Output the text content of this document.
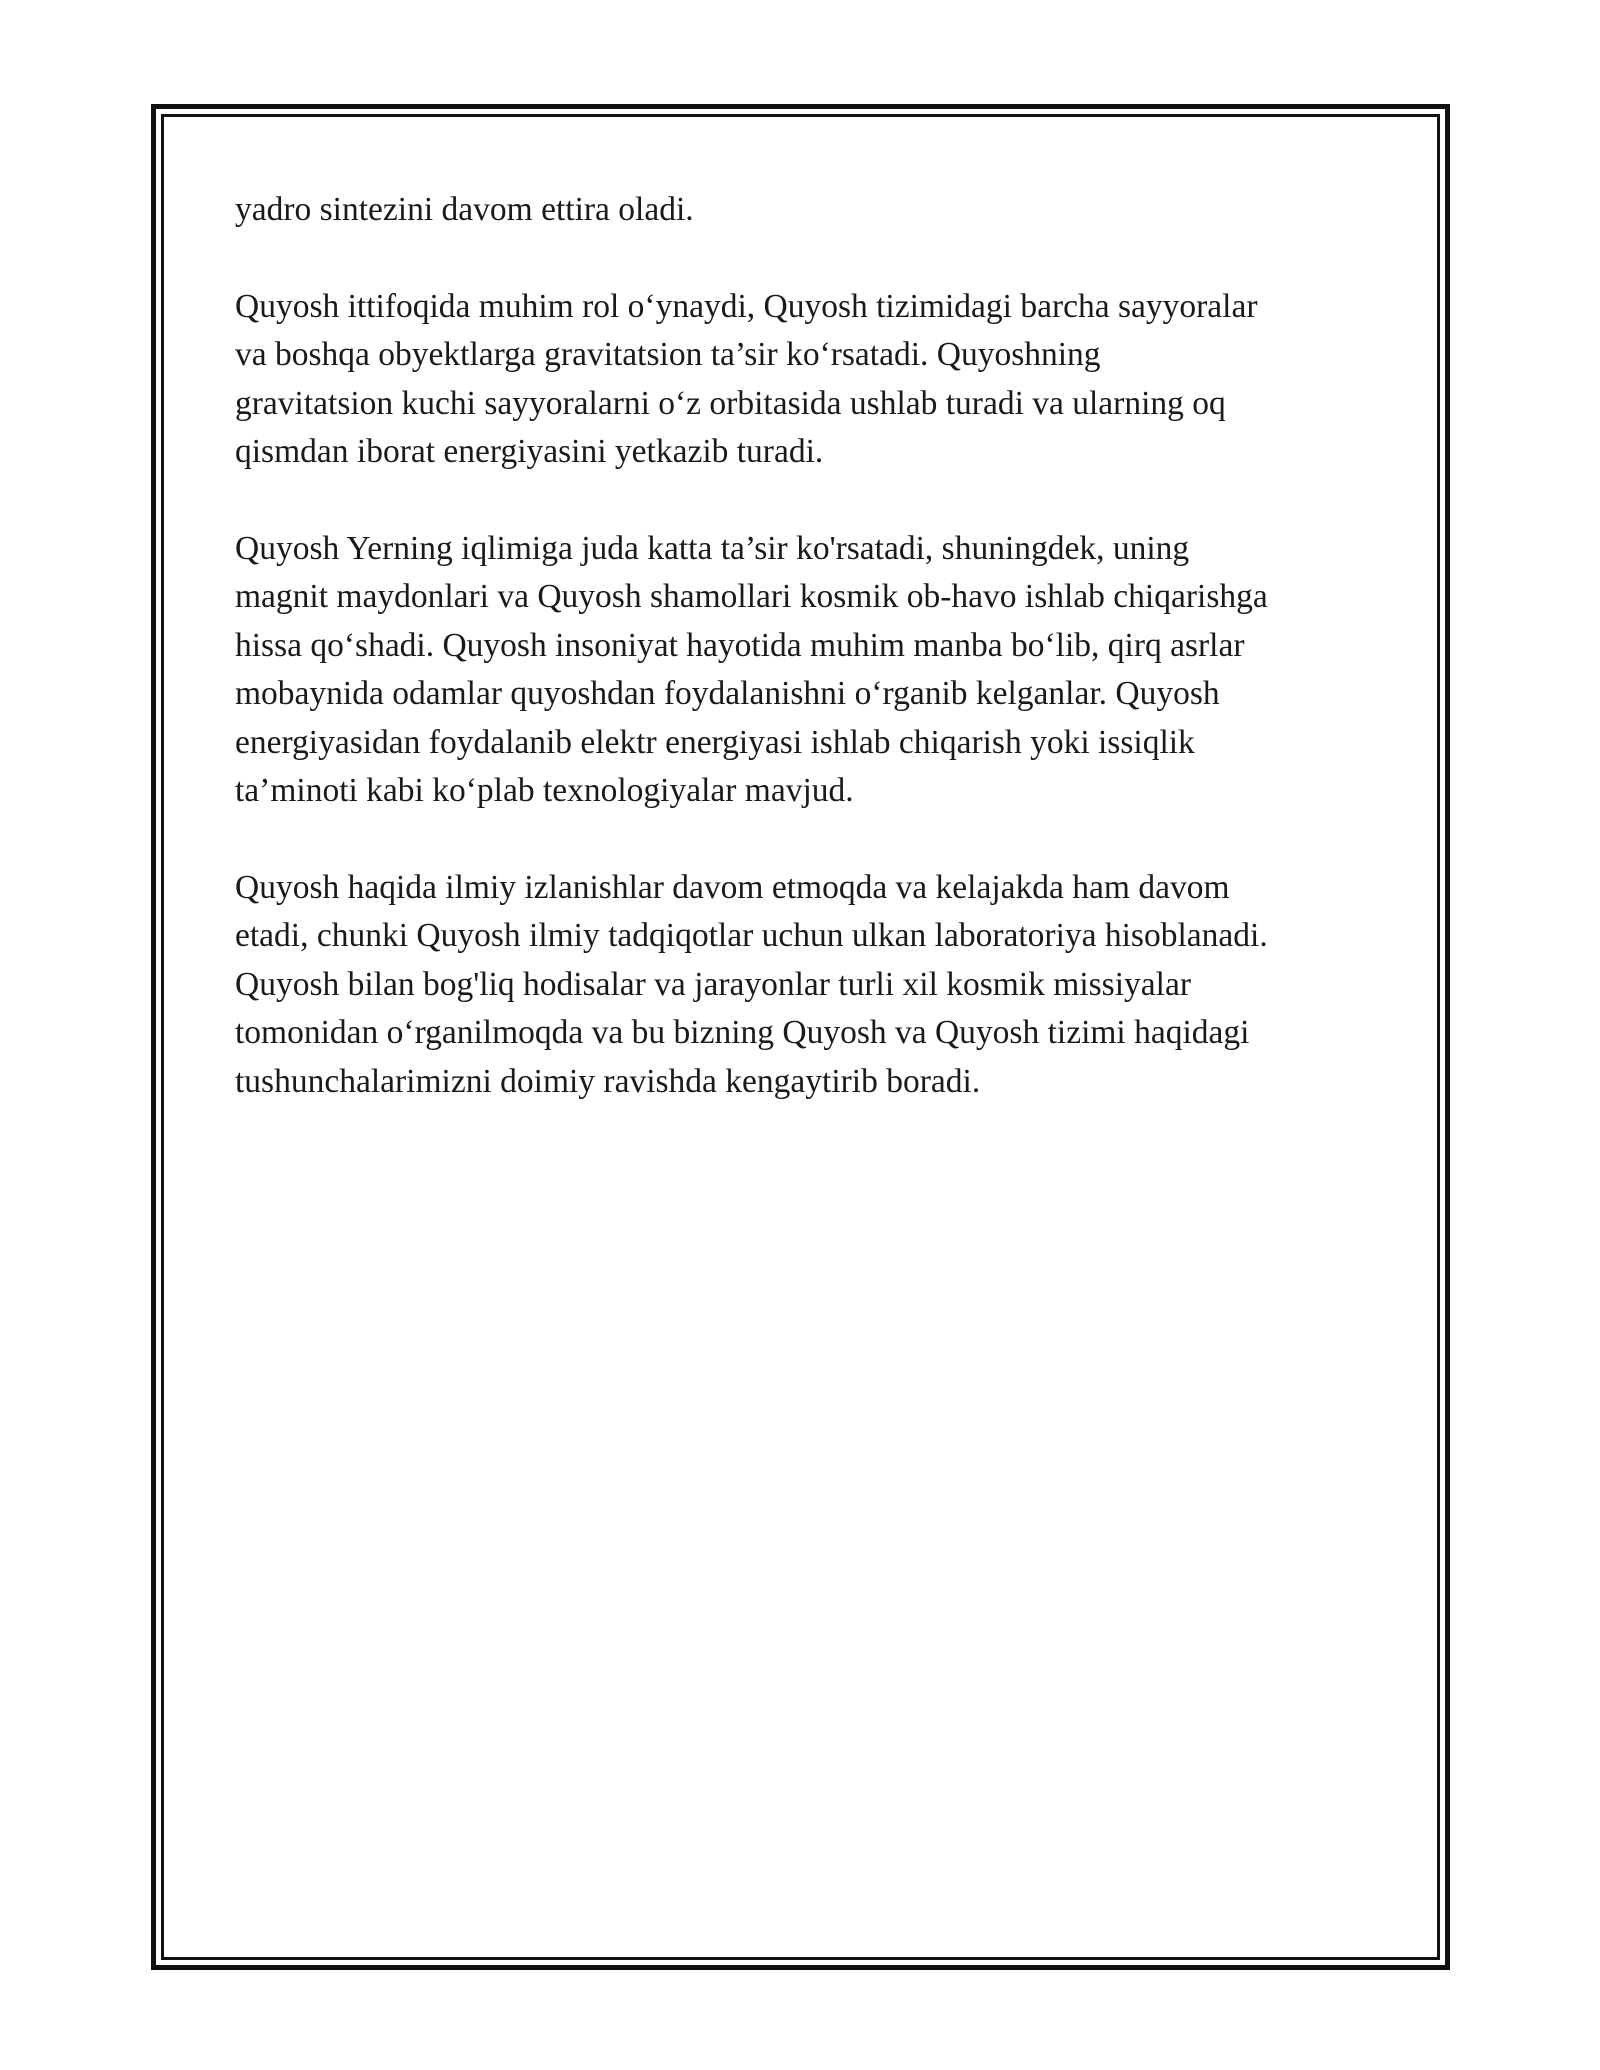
yadro sintezini davom ettira oladi.

Quyosh ittifoqida muhim rol o‘ynaydi, Quyosh tizimidagi barcha sayyoralar
va boshqa obyektlarga gravitatsion ta’sir ko‘rsatadi. Quyoshning
gravitatsion kuchi sayyoralarni o‘z orbitasida ushlab turadi va ularning oq
qismdan iborat energiyasini yetkazib turadi.

Quyosh Yerning iqlimiga juda katta ta’sir ko'rsatadi, shuningdek, uning
magnit maydonlari va Quyosh shamollari kosmik ob-havo ishlab chiqarishga
hissa qo‘shadi. Quyosh insoniyat hayotida muhim manba bo‘lib, qirq asrlar
mobaynida odamlar quyoshdan foydalanishni o‘rganib kelganlar. Quyosh
energiyasidan foydalanib elektr energiyasi ishlab chiqarish yoki issiqlik
ta’minoti kabi ko‘plab texnologiyalar mavjud.

Quyosh haqida ilmiy izlanishlar davom etmoqda va kelajakda ham davom
etadi, chunki Quyosh ilmiy tadqiqotlar uchun ulkan laboratoriya hisoblanadi.
Quyosh bilan bog'liq hodisalar va jarayonlar turli xil kosmik missiyalar
tomonidan o‘rganilmoqda va bu bizning Quyosh va Quyosh tizimi haqidagi
tushunchalarimizni doimiy ravishda kengaytirib boradi.
